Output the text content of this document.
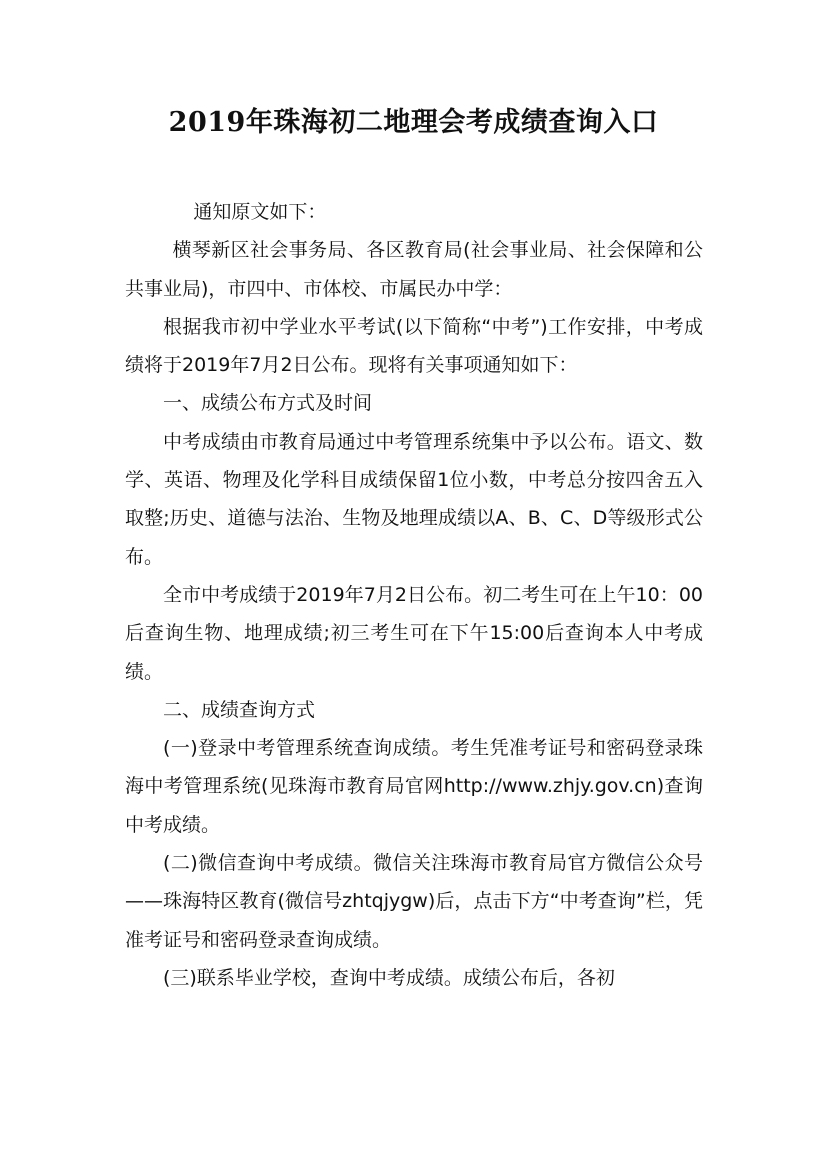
2019年珠海初二地理会考成绩查询入口

通知原文如下：

横琴新区社会事务局、各区教育局(社会事业局、社会保障和公共事业局)，市四中、市体校、市属民办中学：

根据我市初中学业水平考试(以下简称“中考”)工作安排，中考成绩将于2019年7月2日公布。现将有关事项通知如下：

一、成绩公布方式及时间

中考成绩由市教育局通过中考管理系统集中予以公布。语文、数学、英语、物理及化学科目成绩保留1位小数，中考总分按四舍五入取整;历史、道德与法治、生物及地理成绩以A、B、C、D等级形式公布。

全市中考成绩于2019年7月2日公布。初二考生可在上午10：00后查询生物、地理成绩;初三考生可在下午15:00后查询本人中考成绩。

二、成绩查询方式

(一)登录中考管理系统查询成绩。考生凭准考证号和密码登录珠海中考管理系统(见珠海市教育局官网http://www.zhjy.gov.cn)查询中考成绩。

(二)微信查询中考成绩。微信关注珠海市教育局官方微信公众号——珠海特区教育(微信号zhtqjygw)后，点击下方“中考查询”栏，凭准考证号和密码登录查询成绩。

(三)联系毕业学校，查询中考成绩。成绩公布后，各初
